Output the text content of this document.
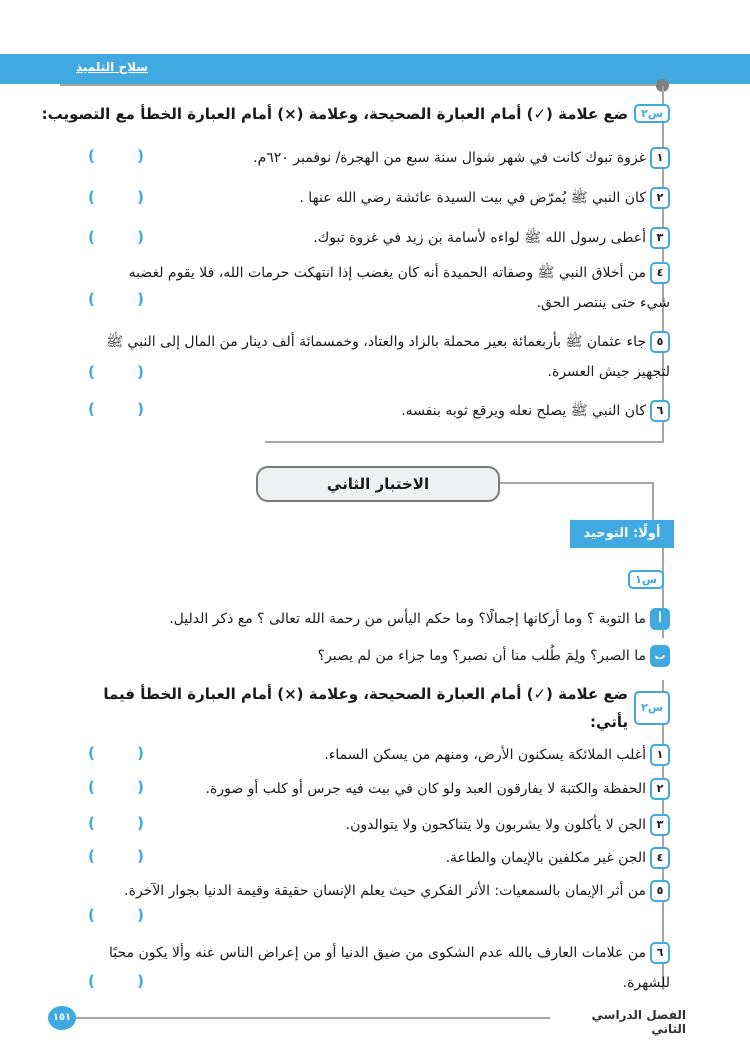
سلاح التلميذ
س٢
ضع علامة (✓) أمام العبارة الصحيحة، وعلامة (×) أمام العبارة الخطأ مع التصويب:
١غزوة تبوك كانت في شهر شوال سنة سبع من الهجرة/ نوفمبر ٦٢٠م.
(	)
٢كان النبي ﷺ يُمرّض في بيت السيدة عائشة رضي الله عنها .
(	)
٣أعطى رسول الله ﷺ لواءه لأسامة بن زيد في غزوة تبوك.
(	)
٤من أخلاق النبي ﷺ وصفاته الحميدة أنه كان يغضب إذا انتهكت حرمات الله، فلا يقوم لغضبه شيء حتى ينتصر الحق.
(	)
٥جاء عثمان ﷺ بأربعمائة بعير محملة بالزاد والعتاد، وخمسمائة ألف دينار من المال إلى النبي ﷺ لتجهيز جيش العسرة.
(	)
٦كان النبي ﷺ يصلح نعله ويرقع ثوبه بنفسه.
(	)
الاختبار الثاني
أولًا: التوحيد
س١
أما التوبة ؟ وما أركانها إجمالًا؟ وما حكم اليأس من رحمة الله تعالى ؟ مع ذكر الدليل.
بما الصبر؟ ولِمَ طُلب منا أن نصبر؟ وما جزاء من لم يصبر؟
س٢
ضع علامة (✓) أمام العبارة الصحيحة، وعلامة (×) أمام العبارة الخطأ فيما يأتي:
١أغلب الملائكة يسكنون الأرض، ومنهم من يسكن السماء.
(	)
٢الحفظة والكتبة لا يفارقون العبد ولو كان في بيت فيه جرس أو كلب أو صورة.
(	)
٣الجن لا يأكلون ولا يشربون ولا يتناكحون ولا يتوالدون.
(	)
٤الجن غير مكلفين بالإيمان والطاعة.
(	)
٥من أثر الإيمان بالسمعيات: الأثر الفكري حيث يعلم الإنسان حقيقة وقيمة الدنيا بجوار الآخرة.
(	)
٦من علامات العارف بالله عدم الشكوى من ضيق الدنيا أو من إعراض الناس عنه وألا يكون محبًا للشهرة.
(	)
١٥١	الفصل الدراسي الثاني
